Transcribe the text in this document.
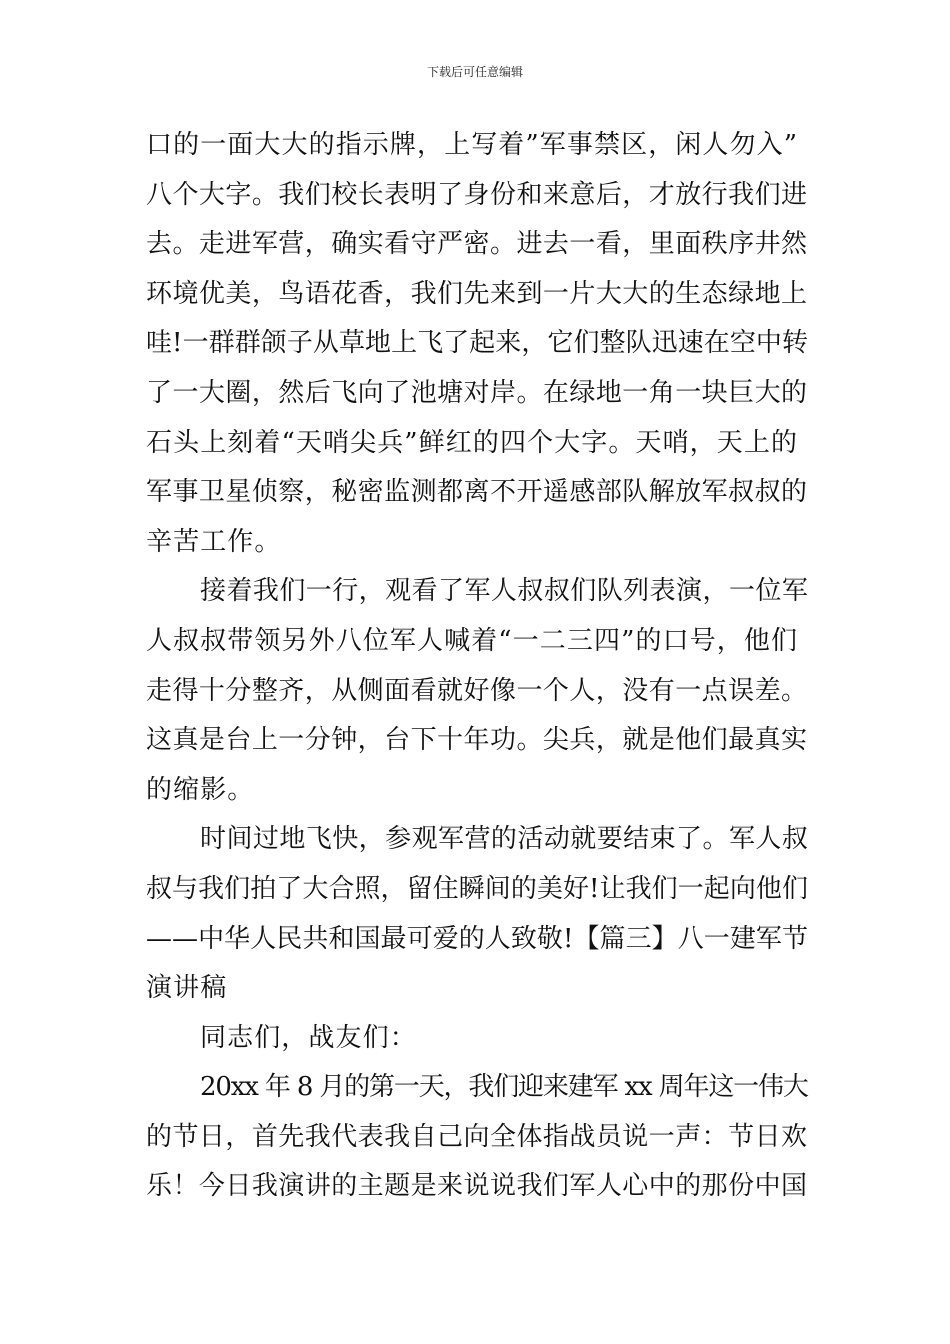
下载后可任意编辑
口的一面大大的指示牌，上写着”军事禁区，闲人勿入”
八个大字。我们校长表明了身份和来意后，才放行我们进
去。走进军营，确实看守严密。进去一看，里面秩序井然
环境优美，鸟语花香，我们先来到一片大大的生态绿地上
哇!一群群颌子从草地上飞了起来，它们整队迅速在空中转
了一大圈，然后飞向了池塘对岸。在绿地一角一块巨大的
石头上刻着“天哨尖兵”鲜红的四个大字。天哨，天上的
军事卫星侦察，秘密监测都离不开遥感部队解放军叔叔的
辛苦工作。
接着我们一行，观看了军人叔叔们队列表演，一位军
人叔叔带领另外八位军人喊着“一二三四”的口号，他们
走得十分整齐，从侧面看就好像一个人，没有一点误差。
这真是台上一分钟，台下十年功。尖兵，就是他们最真实
的缩影。
时间过地飞快，参观军营的活动就要结束了。军人叔
叔与我们拍了大合照，留住瞬间的美好!让我们一起向他们
——中华人民共和国最可爱的人致敬!【篇三】八一建军节
演讲稿
同志们，战友们：
20xx 年 8 月的第一天，我们迎来建军 xx 周年这一伟大
的节日，首先我代表我自己向全体指战员说一声：节日欢
乐！今日我演讲的主题是来说说我们军人心中的那份中国
